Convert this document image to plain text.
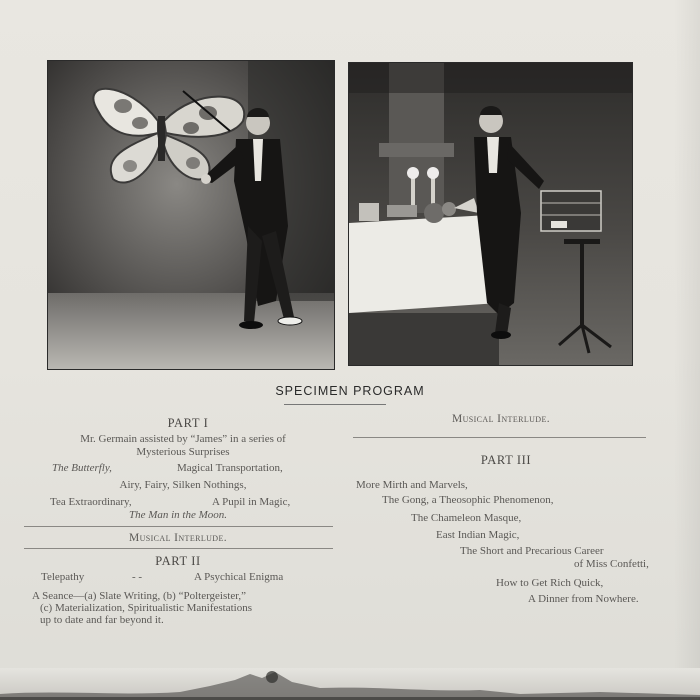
SPECIMEN PROGRAM
PART I
Mr. Germain assisted by “James” in a series of
Mysterious Surprises
The Butterfly,	Magical Transportation,
Airy, Fairy, Silken Nothings,
Tea Extraordinary,	A Pupil in Magic,
The Man in the Moon.
Musical Interlude.
PART II
Telepathy	- -	A Psychical Enigma
A Seance—(a) Slate Writing, (b) “Poltergeister,”
(c) Materialization, Spiritualistic Manifestations
up to date and far beyond it.
Musical Interlude.
PART III
More Mirth and Marvels,
The Gong, a Theosophic Phenomenon,
The Chameleon Masque,
East Indian Magic,
The Short and Precarious Career
of Miss Confetti,
How to Get Rich Quick,
A Dinner from Nowhere.
